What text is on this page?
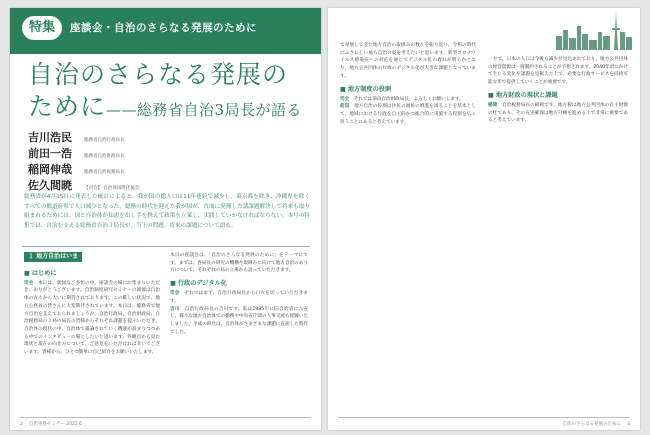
特集	座談会・自治のさらなる発展のために
自治のさらなる発展の
ために——総務省自治3局長が語る
吉川浩民	総務省自治行政局長
前田一浩	総務省自治財政局長
稲岡伸哉	総務省自治税務局長
佐久間暁	【司会】 自治体国際化協会
総務省が4月15日に発表した統計によると、我が国の総人口は11年連続で減少し、東京都を除き、沖縄県を除くすべての都道府県で人口減少となった。総務の時代を迎えた我が国が、直面に発揮した諸課題解決して将来も取り組まれるためには、国と自治体が知恵を出し手を携えて政策を立案し、実践していかなければならない。本号の特集では、自治を支える総務省自治３局長が、当下の問題、将来の課題について語る。
１ 地方自治はいま
■ はじめに

司会　 本日は、新緑なご多忙の中、座談会の場にお集まりいただき、ありがとうございます。自治制度研究セミナーの開催は自治体の方々から大いに期待されております。この厳しい状況で、地方公務員の皆さんに大変期待されています。本日は、総務省で地方自治を支えておられましょうか。自治行政局、自治財政局、自治税務局の３局の局長の皆様からそれぞれ課題を提示いただき、自治体の現状の中、自治体で議論されていく機運が高まりつつある中でのインタビューの場としたいと思います。各観点から見た現状と現在の向き方について、ご意見をいただければ幸いでございます。皆様から、ひとつ簡単に自己紹介をお願いいたします。

本日の座談会は、「自治のさらなる発展のために」をテーマにです。まずは、各局長の研究の機構や取組みに向けて地方自治のあり方について、それぞれの局の立場から語っていただきます。

■ 行政のデジタル化

司会　 それではまず、自治行政局長から口火を切っていただきます。

吉川　 自治行政局長の吉川です。私は1985年に旧自治省に入省し、様々な地方自治体での勤務や中央省庁間の人事交流も経験いたしました。平成の時代は、自治体がさまざまな課題に直面した時代でした。

2 自治実務セミナー 2022.6

て発展してきた地方自治の取組みの数々を振り返り、令和の時代にふさわしい地方自治の姿を考えたいと思います。新型コロナウイルス感染症への対応を通じてデジタル化の遅れが明らかとなり、地方公共団体の行政のデジタル化が大きな課題となっています。

■ 地方制度の役割

司会　 それでは前田自治財政局長、よろしくお願いします。

前田　 地方自治の役割は住民の福祉の増進を図ることを基本として、地域における行政を自主的かつ総合的に実施する役割を広く担うことにあると考えています。

一方で、日本の人口は今後も減少が見込まれており、地方公共団体の経営資源は一層制約されることが予想されます。2040年頃にかけて生じる変化や課題を見据えた上で、必要な行政サービスを持続可能な形で提供していくことが重要です。

■ 地方財政の現状と課題

稲岡　 自治税務局長の稲岡です。地方税は地方公共団体の自主財源の柱であり、その充実確保は地方分権を進める上で非常に重要であると考えています。

自治のさらなる発展のために 3
